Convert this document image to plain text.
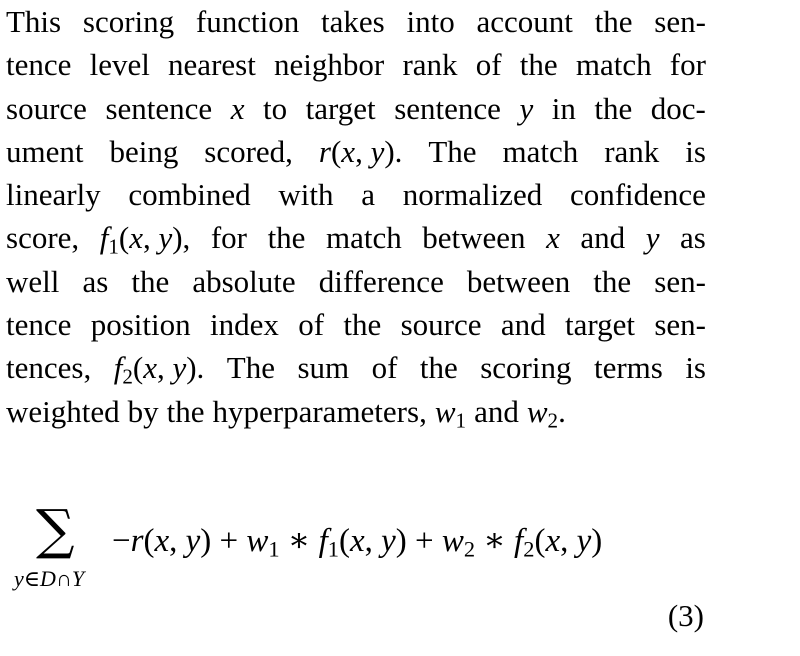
This scoring function takes into account the sen-
tence level nearest neighbor rank of the match for
source sentence x to target sentence y in the doc-
ument being scored, r(x, y). The match rank is
linearly combined with a normalized confidence
score, $f_1(x$, y), for the match between x and y as
well as the absolute difference between the sen-
tence position index of the source and target sen-
tences, $f_2(x$, y). The sum of the scoring terms is
weighted by the hyperparameters, $w_1$ and $w_2$.
∑
y∈D∩Y
−r(x, $y) + w_1$ ∗ $f_1(x$, $y) + w_2$ ∗ $f_2(x$, y)
(3)
